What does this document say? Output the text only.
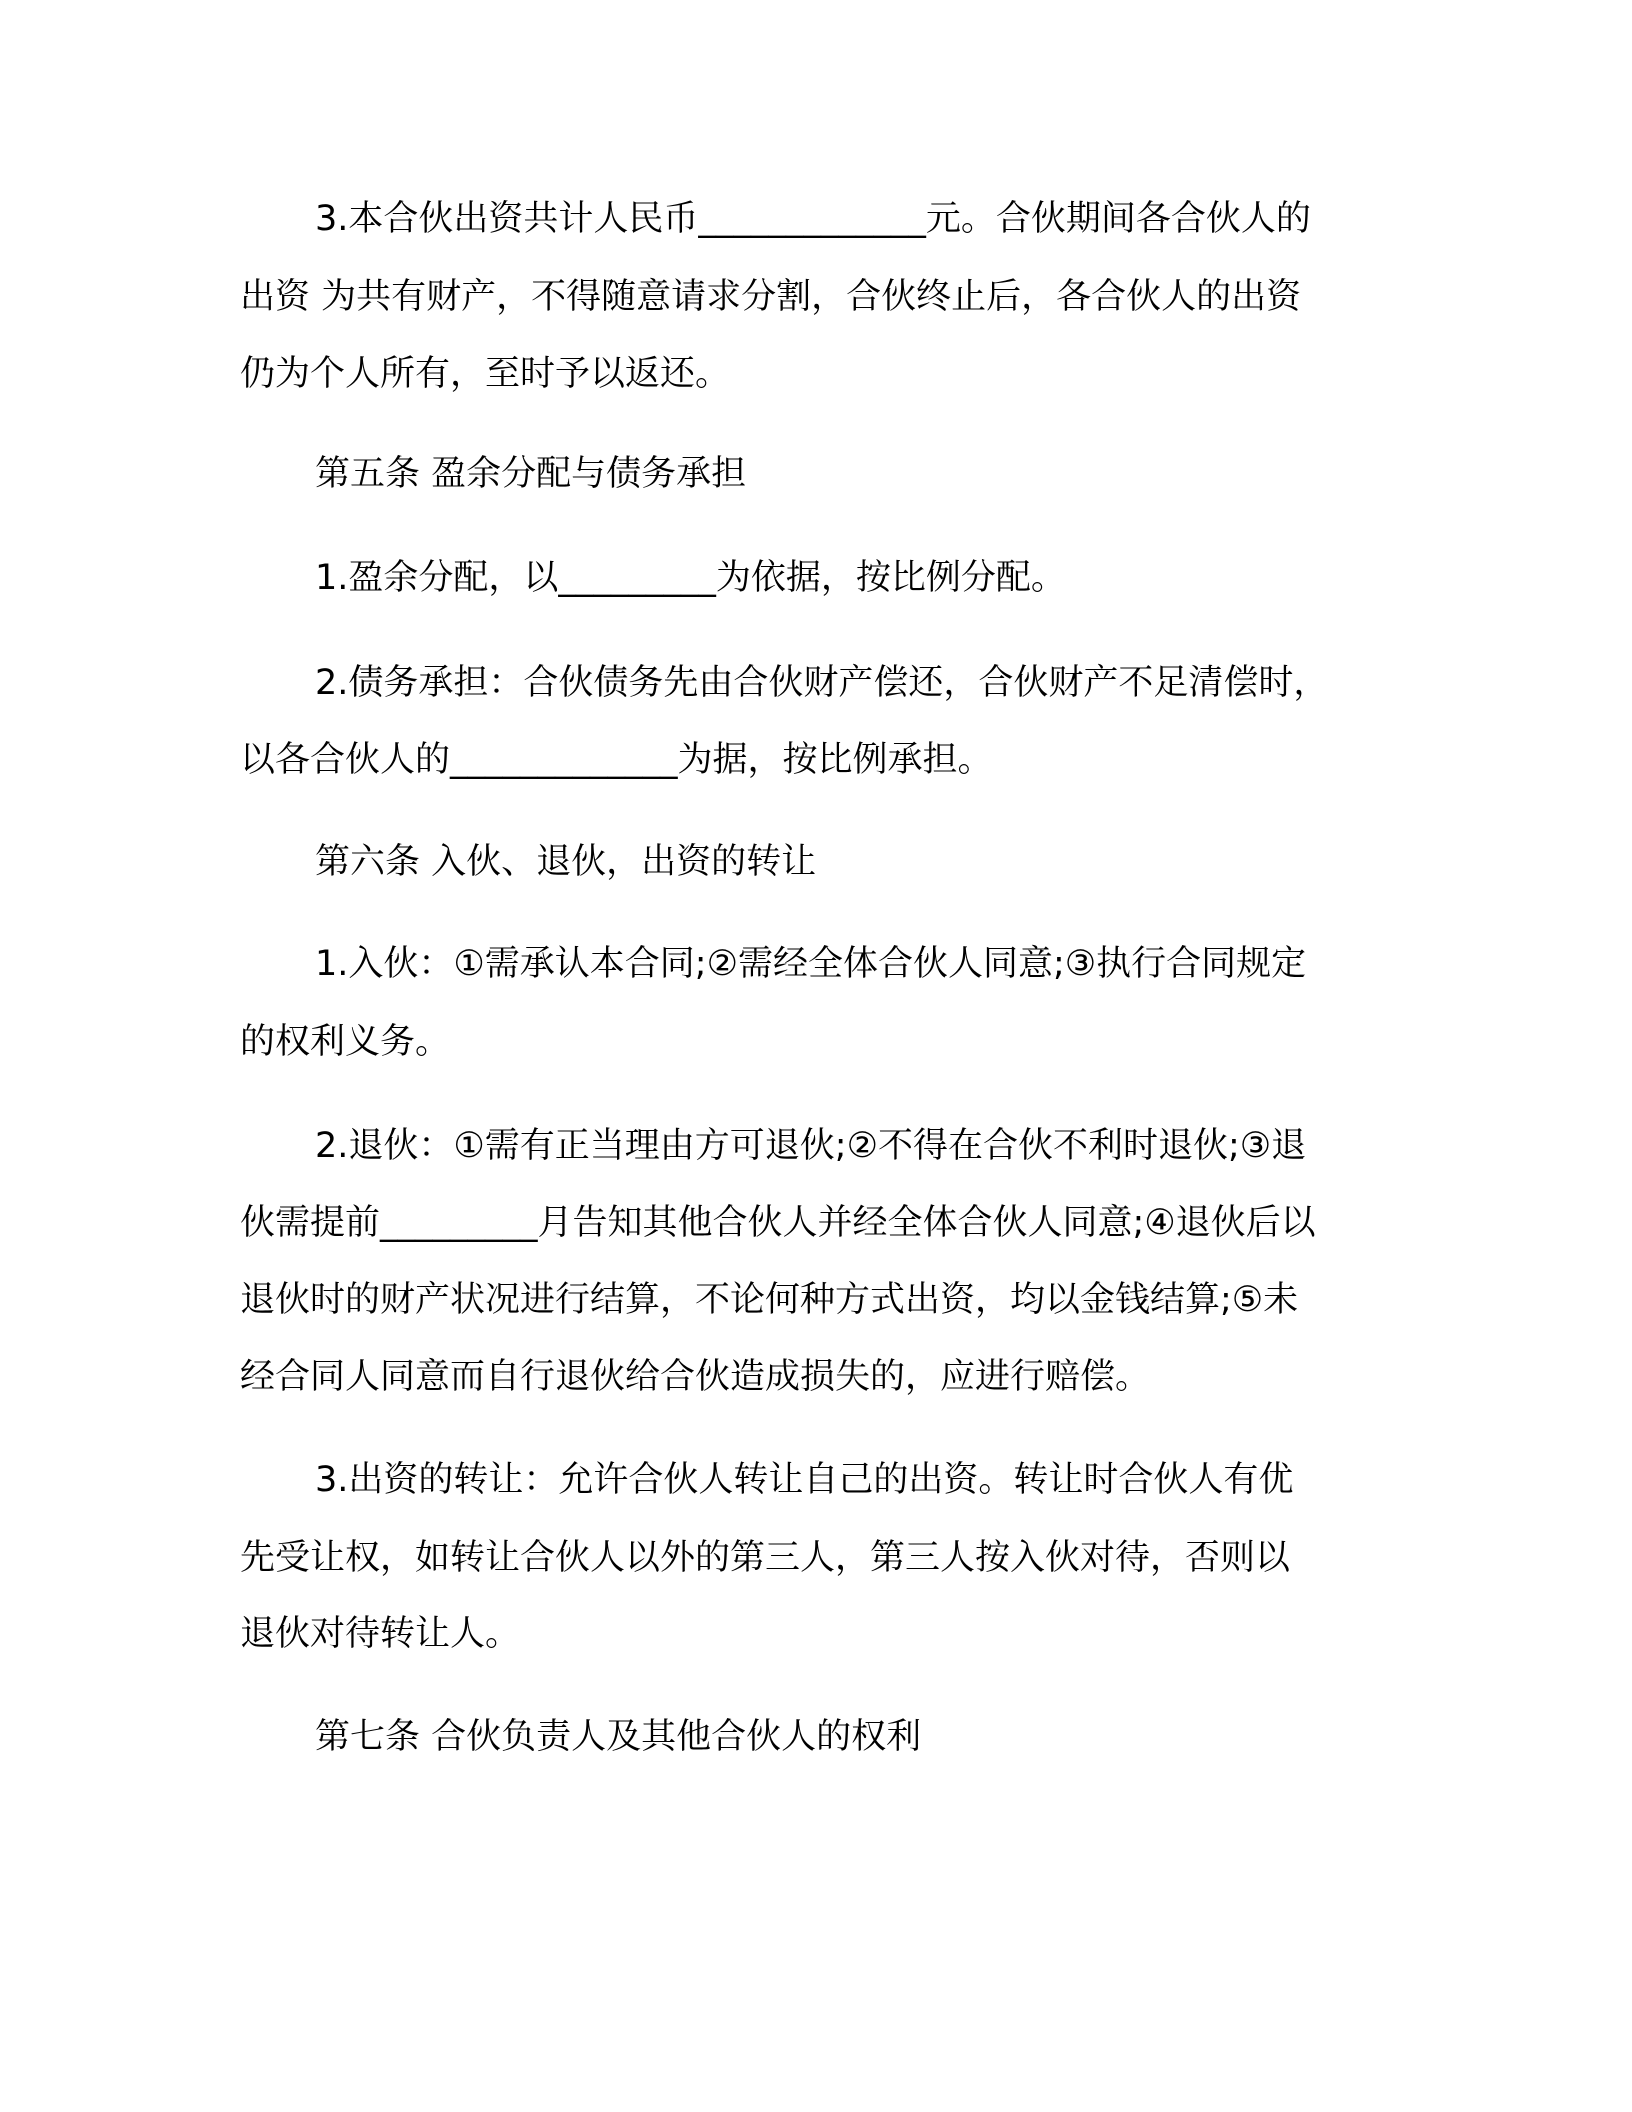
3.本合伙出资共计人民币_____________元。合伙期间各合伙人的

出资 为共有财产，不得随意请求分割，合伙终止后，各合伙人的出资

仍为个人所有，至时予以返还。

第五条 盈余分配与债务承担

1.盈余分配，以_________为依据，按比例分配。

2.债务承担：合伙债务先由合伙财产偿还，合伙财产不足清偿时，

以各合伙人的_____________为据，按比例承担。

第六条 入伙、退伙，出资的转让

1.入伙：①需承认本合同;②需经全体合伙人同意;③执行合同规定

的权利义务。

2.退伙：①需有正当理由方可退伙;②不得在合伙不利时退伙;③退

伙需提前_________月告知其他合伙人并经全体合伙人同意;④退伙后以

退伙时的财产状况进行结算，不论何种方式出资，均以金钱结算;⑤未

经合同人同意而自行退伙给合伙造成损失的，应进行赔偿。

3.出资的转让：允许合伙人转让自己的出资。转让时合伙人有优

先受让权，如转让合伙人以外的第三人，第三人按入伙对待，否则以

退伙对待转让人。

第七条 合伙负责人及其他合伙人的权利
